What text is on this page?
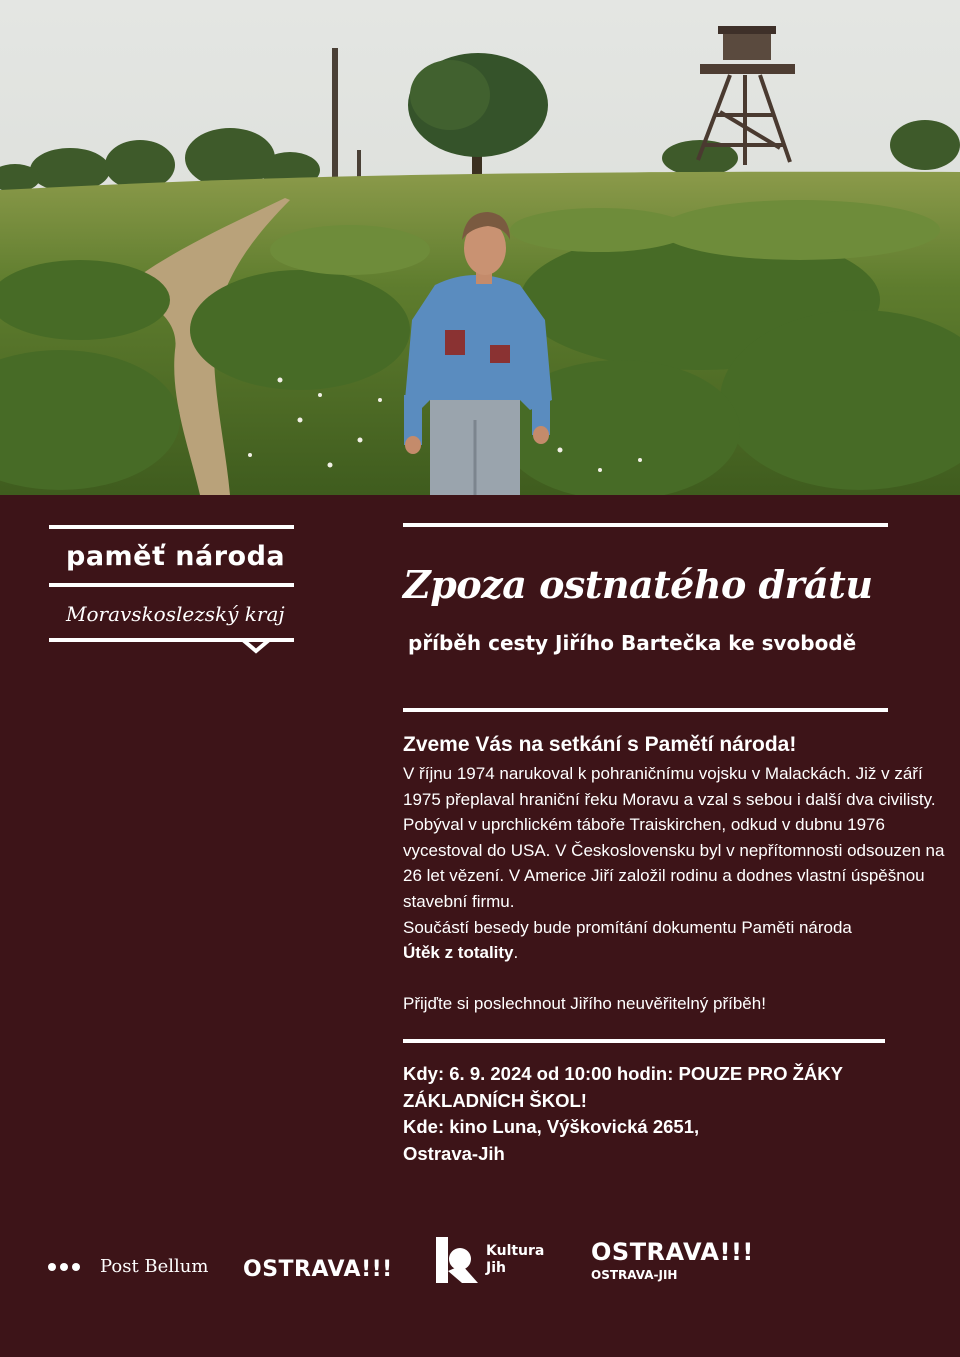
paměť národa
Moravskoslezský kraj
Zpoza ostnatého drátu
příběh cesty Jiřího Bartečka ke svobodě
Zveme Vás na setkání s Pamětí národa!

V říjnu 1974 narukoval k pohraničnímu vojsku v Malackách. Již v září 1975 přeplaval hraniční řeku Moravu a vzal s sebou i další dva civilisty. Pobýval v uprchlickém táboře Traiskirchen, odkud v dubnu 1976 vycestoval do USA. V Československu byl v nepřítomnosti odsouzen na 26 let vězení. V Americe Jiří založil rodinu a dodnes vlastní úspěšnou stavební firmu.

Součástí besedy bude promítání dokumentu Paměti národa
Útěk z totality.

Přijďte si poslechnout Jiřího neuvěřitelný příběh!

Kdy: 6. 9. 2024 od 10:00 hodin: POUZE PRO ŽÁKY ZÁKLADNÍCH ŠKOL!

Kde: kino Luna, Výškovická 2651,

Ostrava-Jih

Post Bellum OSTRAVA!!!
Kultura
Jih
OSTRAVA!!!
OSTRAVA-JIH
